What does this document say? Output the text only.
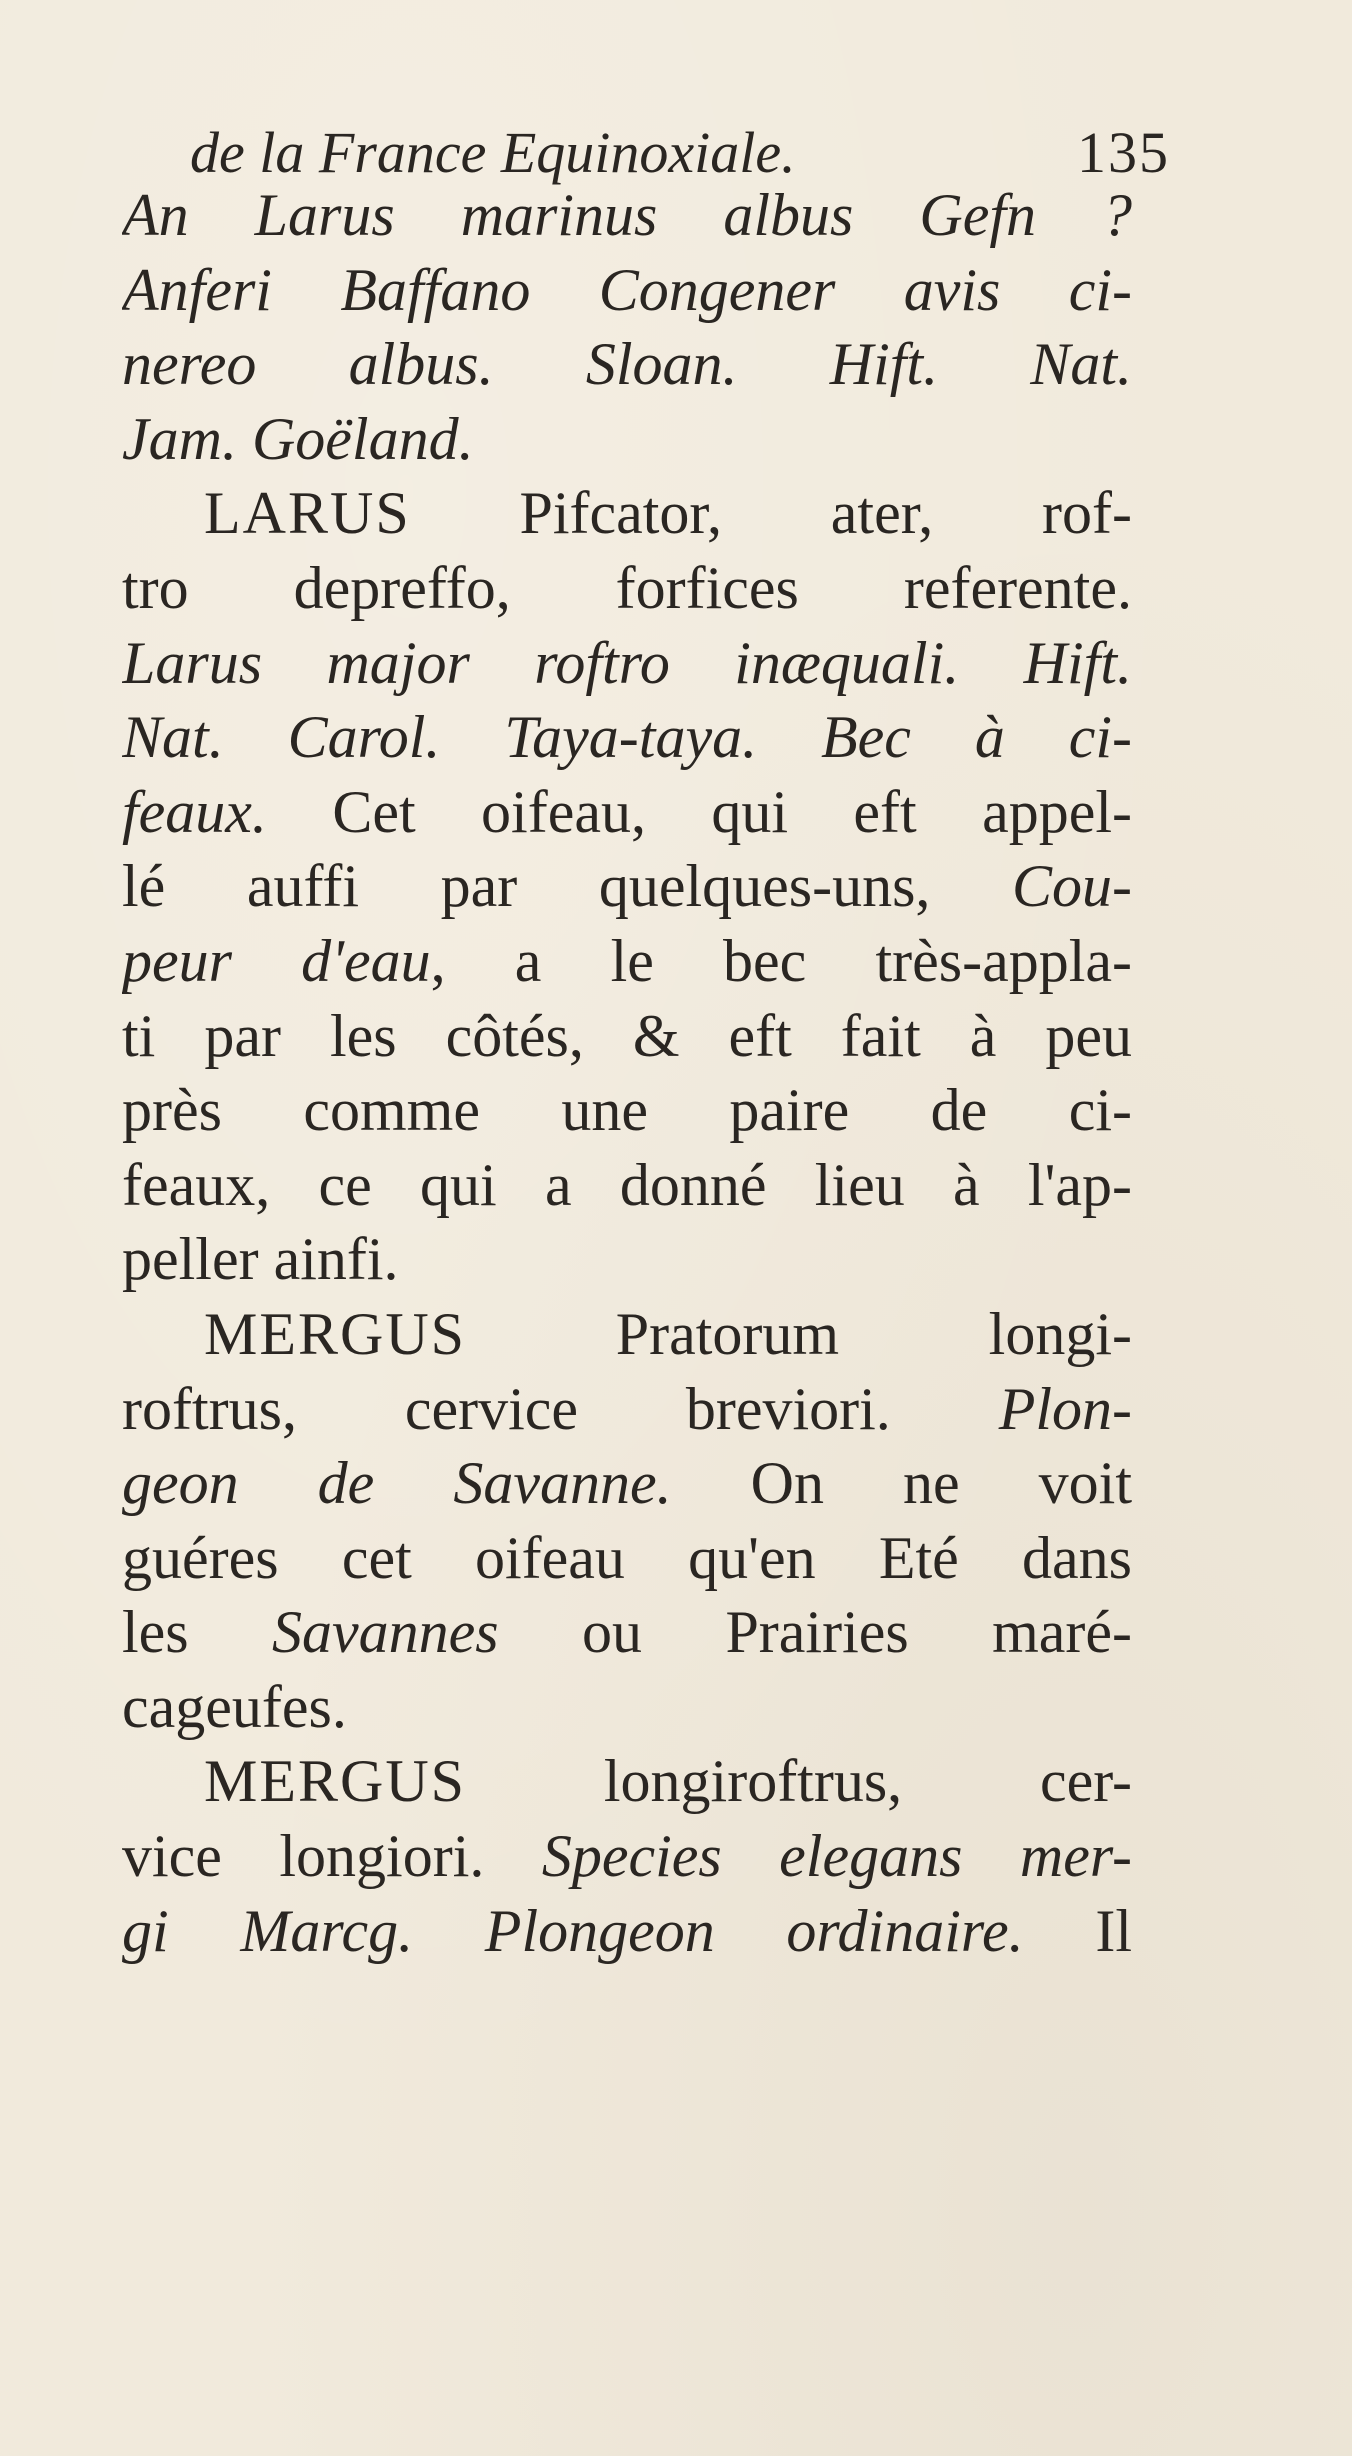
de la France Equinoxiale.	135
An Larus marinus albus Gefn ?
Anferi Baffano Congener avis ci-
nereo albus. Sloan. Hift. Nat.
Jam. Goëland.
LARUS Pifcator, ater, rof-
tro depreffo, forfices referente.
Larus major roftro inæquali. Hift.
Nat. Carol. Taya-taya. Bec à ci-
feaux. Cet oifeau, qui eft appel-
lé auffi par quelques-uns, Cou-
peur d'eau, a le bec très-appla-
ti par les côtés, & eft fait à peu
près comme une paire de ci-
feaux, ce qui a donné lieu à l'ap-
peller ainfi.
MERGUS Pratorum longi-
roftrus, cervice breviori. Plon-
geon de Savanne. On ne voit
guéres cet oifeau qu'en Eté dans
les Savannes ou Prairies maré-
cageufes.
MERGUS longiroftrus, cer-
vice longiori. Species elegans mer-
gi Marcg. Plongeon ordinaire. Il
